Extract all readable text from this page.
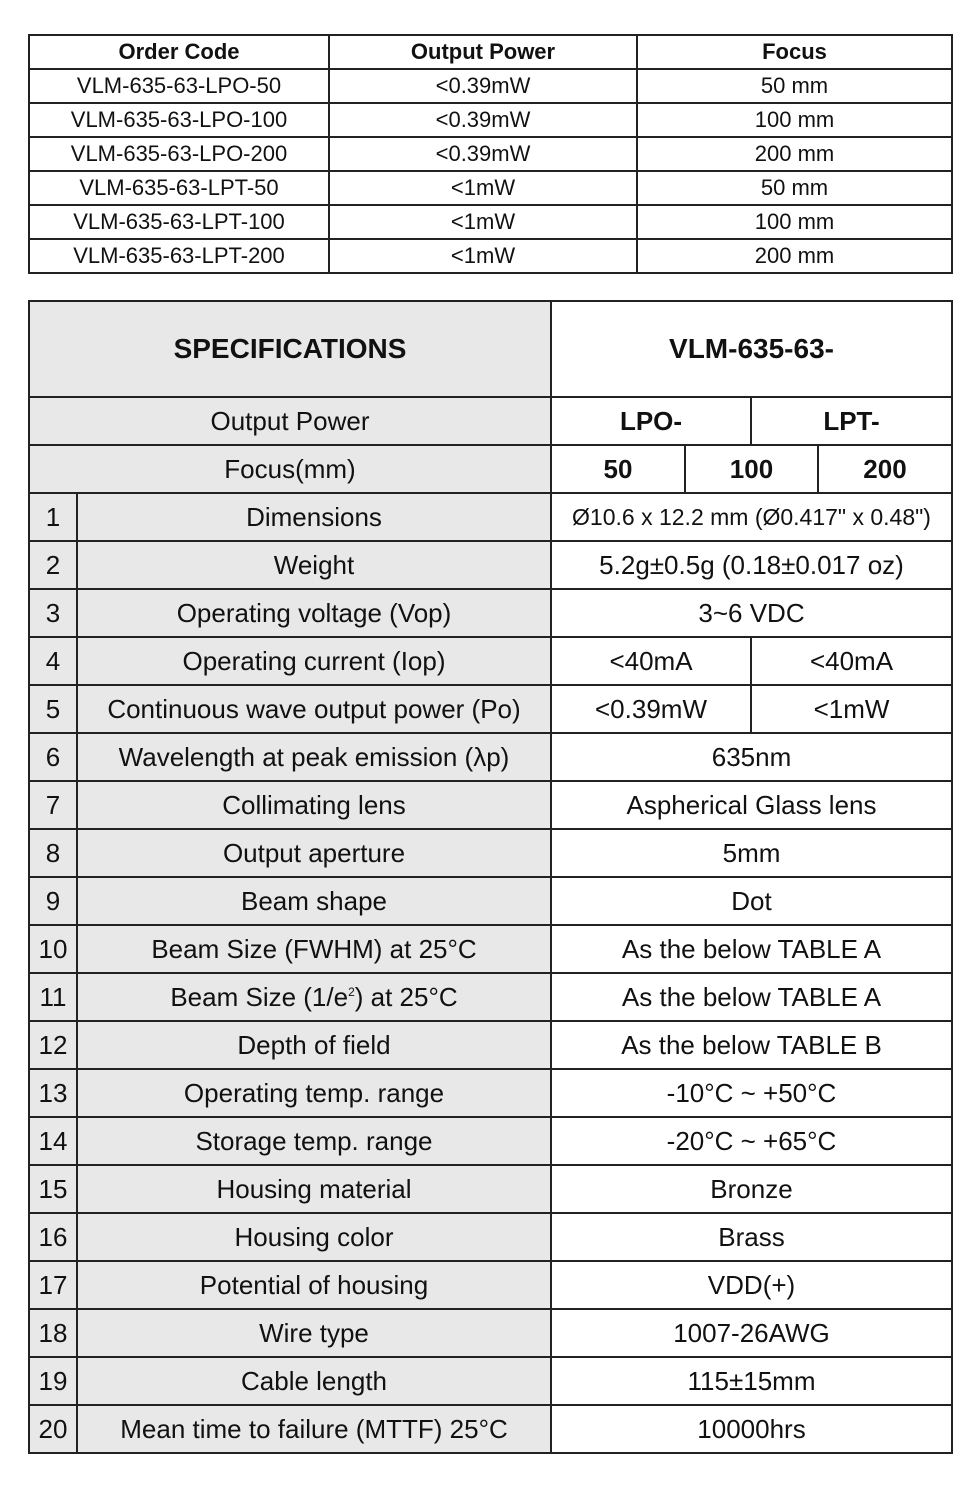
Order Code	Output Power	Focus
VLM-635-63-LPO-50	<0.39mW	50 mm
VLM-635-63-LPO-100	<0.39mW	100 mm
VLM-635-63-LPO-200	<0.39mW	200 mm
VLM-635-63-LPT-50	<1mW	50 mm
VLM-635-63-LPT-100	<1mW	100 mm
VLM-635-63-LPT-200	<1mW	200 mm
SPECIFICATIONS		VLM-635-63-			
Output Power		LPO-		LPT-	
Focus(mm)		50	100		200
1	Dimensions	Ø10.6 x 12.2 mm (Ø0.417" x 0.48")			
2	Weight	5.2g±0.5g (0.18±0.017 oz)			
3	Operating voltage (Vop)	3~6 VDC			
4	Operating current (Iop)	<40mA		<40mA	
5	Continuous wave output power (Po)	<0.39mW		<1mW	
6	Wavelength at peak emission (λp)	635nm			
7	Collimating lens	Aspherical Glass lens			
8	Output aperture	5mm			
9	Beam shape	Dot			
10	Beam Size (FWHM) at 25°C	As the below TABLE A			
11	Beam Size $(1/e^2)$ at 25°C	As the below TABLE A			
12	Depth of field	As the below TABLE B			
13	Operating temp. range	-10°C ~ +50°C			
14	Storage temp. range	-20°C ~ +65°C			
15	Housing material	Bronze			
16	Housing color	Brass			
17	Potential of housing	VDD(+)			
18	Wire type	1007-26AWG			
19	Cable length	115±15mm			
20	Mean time to failure (MTTF) 25°C	10000hrs			
